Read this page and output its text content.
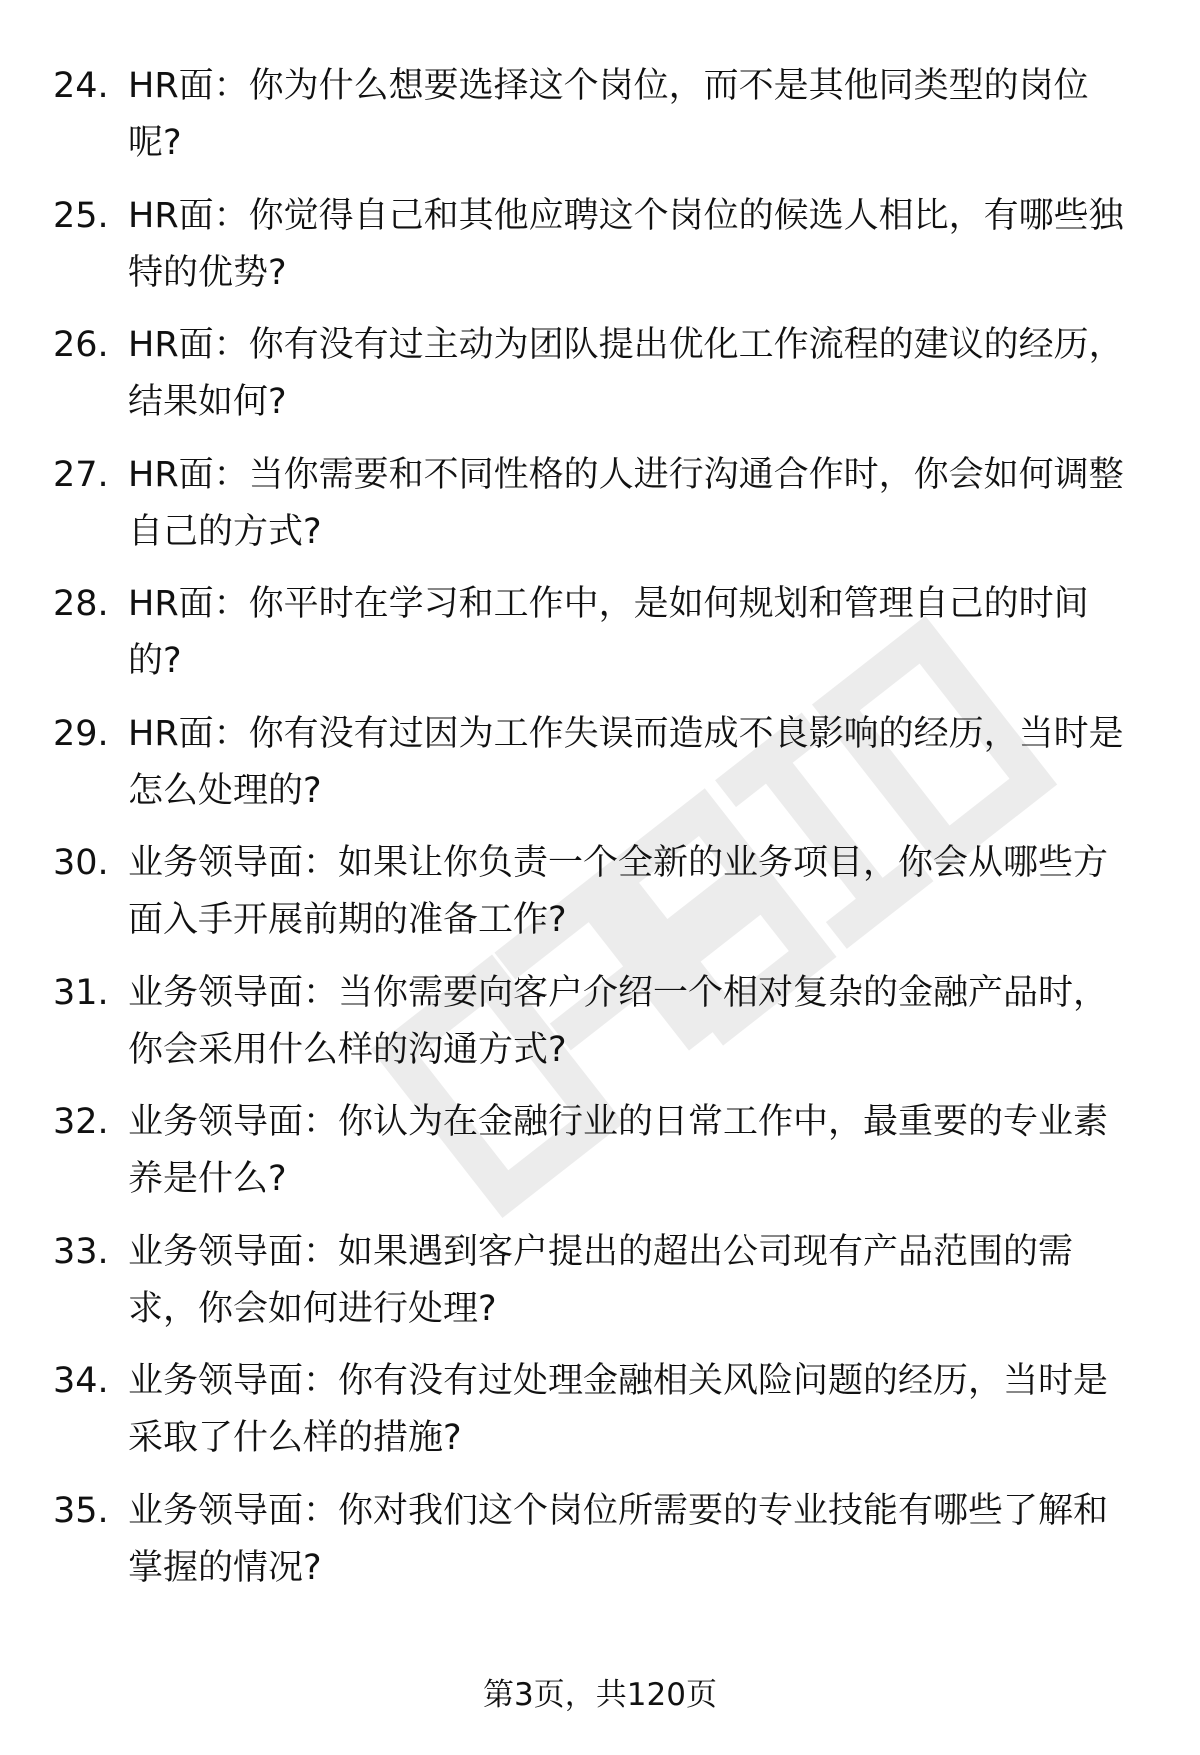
24. HR面：你为什么想要选择这个岗位，而不是其他同类型的岗位
呢?
25. HR面：你觉得自己和其他应聘这个岗位的候选人相比，有哪些独
特的优势?
26. HR面：你有没有过主动为团队提出优化工作流程的建议的经历，
结果如何?
27. HR面：当你需要和不同性格的人进行沟通合作时，你会如何调整
自己的方式?
28. HR面：你平时在学习和工作中，是如何规划和管理自己的时间
的?
29. HR面：你有没有过因为工作失误而造成不良影响的经历，当时是
怎么处理的?
30. 业务领导面：如果让你负责一个全新的业务项目，你会从哪些方
面入手开展前期的准备工作?
31. 业务领导面：当你需要向客户介绍一个相对复杂的金融产品时，
你会采用什么样的沟通方式?
32. 业务领导面：你认为在金融行业的日常工作中，最重要的专业素
养是什么?
33. 业务领导面：如果遇到客户提出的超出公司现有产品范围的需
求，你会如何进行处理?
34. 业务领导面：你有没有过处理金融相关风险问题的经历，当时是
采取了什么样的措施?
35. 业务领导面：你对我们这个岗位所需要的专业技能有哪些了解和
掌握的情况?
第3页，共120页
